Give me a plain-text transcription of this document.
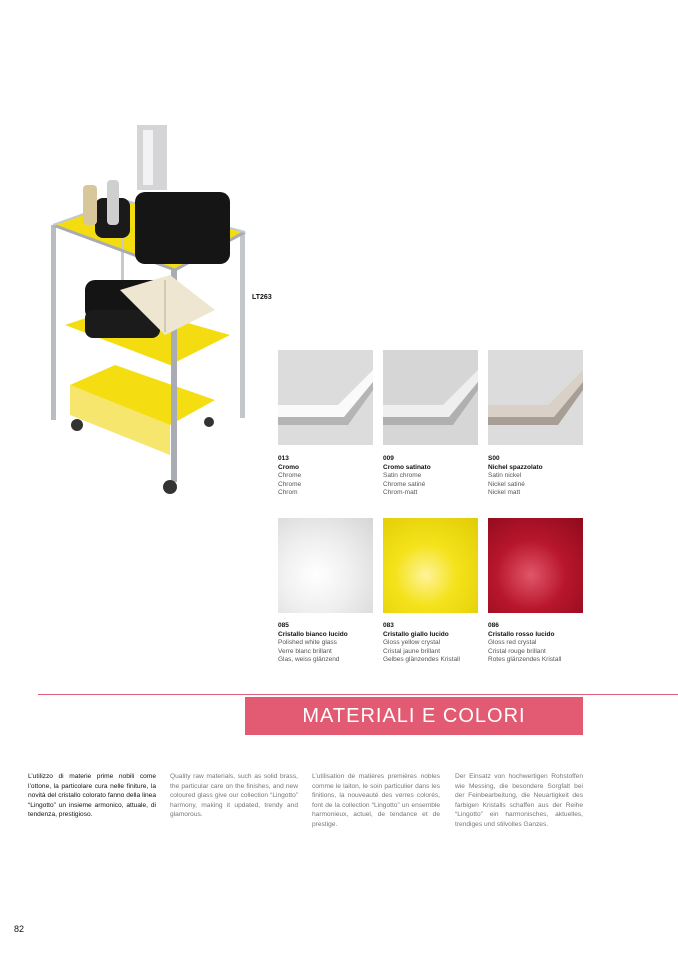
LT263
013
Cromo
Chrome
Chrome
Chrom
009
Cromo satinato
Satin chrome
Chrome satiné
Chrom-matt
S00
Nichel spazzolato
Satin nickel
Nickel satiné
Nickel matt
085
Cristallo bianco lucido
Polished white glass
Verre blanc brillant
Glas, weiss glänzend
083
Cristallo giallo lucido
Gloss yellow crystal
Cristal jaune brillant
Gelbes glänzendes Kristall
086
Cristallo rosso lucido
Gloss red crystal
Cristal rouge brillant
Rotes glänzendes Kristall
MATERIALI E COLORI
L’utilizzo di materie prime nobili come l’ottone, la particolare cura nelle finiture, la novità del cristallo colorato fanno della linea “Lingotto” un insieme armonico, attuale, di tendenza, prestigioso.
Quality raw materials, such as solid brass, the particular care on the finishes, and new coloured glass give our collection “Lingotto” harmony, making it updated, trendy and glamorous.
L’utilisation de matières premières nobles comme le laiton, le soin particulier dans les finitions, la nouveauté des verres colorés, font de la collection “Lingotto” un ensemble harmonieux, actuel, de tendance et de prestige.
Der Einsatz von hochwertigen Rohstoffen wie Messing, die besondere Sorgfalt bei der Feinbearbeitung, die Neuartigkeit des farbigen Kristalls schaffen aus der Reihe “Lingotto” ein harmonisches, aktuelles, trendiges und stilvolles Ganzes.
82
